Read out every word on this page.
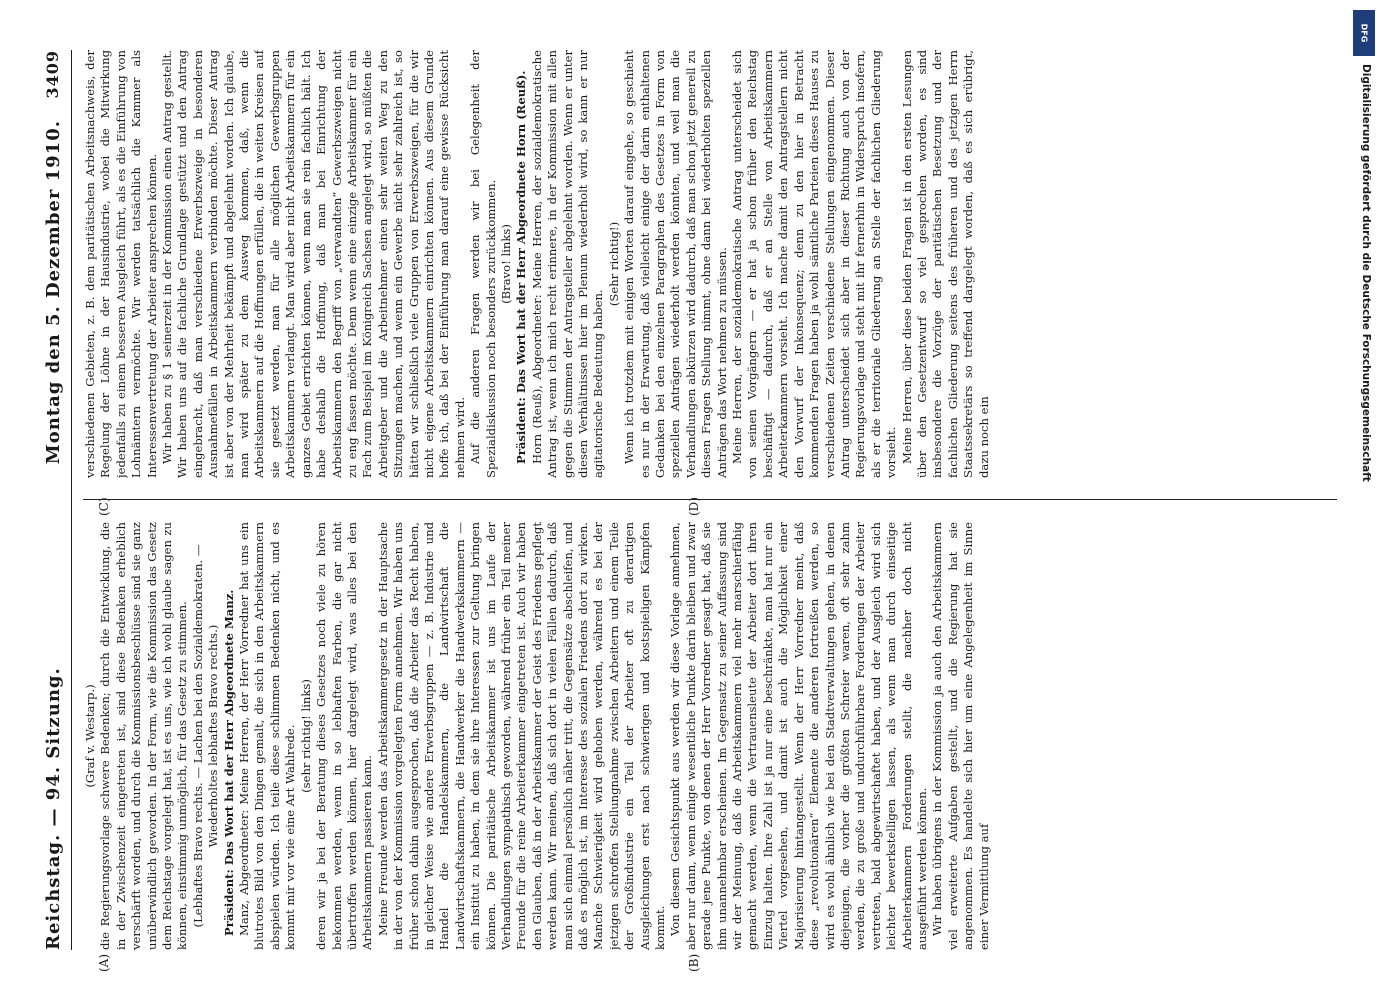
Reichstag. — 94. Sitzung.
3409
Montag den 5. Dezember 1910.
(A)	(B)
(C)	(D)

(Graf v. Westarp.) die Regierungsvorlage schwere Bedenken; durch die Entwicklung, die in der Zwischenzeit eingetreten ist, sind diese Bedenken erheblich verschärft worden, und durch die Kommissionsbeschlüsse sind sie ganz unüberwindlich geworden. In der Form, wie die Kommission das Gesetz dem Reichstage vorgelegt hat, ist es uns, wie ich wohl glaube sagen zu können, einstimmig unmöglich, für das Gesetz zu stimmen. (Lebhaftes Bravo rechts. — Lachen bei den Sozialdemokraten. — Wiederholtes lebhaftes Bravo rechts.) Präsident: Das Wort hat der Herr Abgeordnete Manz. Manz, Abgeordneter: Meine Herren, der Herr Vorredner hat uns ein blutrotes Bild von den Dingen gemalt, die sich in den Arbeitskammern abspielen würden. Ich teile diese schlimmen Bedenken nicht, und es kommt mir vor wie eine Art Wahlrede. (sehr richtig! links) deren wir ja bei der Beratung dieses Gesetzes noch viele zu hören bekommen werden, wenn in so lebhaften Farben, die gar nicht übertroffen werden können, hier dargelegt wird, was alles bei den Arbeitskammern passieren kann. Meine Freunde werden das Arbeitskammergesetz in der Hauptsache in der von der Kommission vorgelegten Form annehmen. Wir haben uns früher schon dahin ausgesprochen, daß die Arbeiter das Recht haben, in gleicher Weise wie andere Erwerbsgruppen — z. B. Industrie und Handel die Handelskammern, die Landwirtschaft die Landwirtschaftskammern, die Handwerker die Handwerkskammern — ein Institut zu haben, in dem sie ihre Interessen zur Geltung bringen können. Die paritätische Arbeitskammer ist uns im Laufe der Verhandlungen sympathisch geworden, während früher ein Teil meiner Freunde für die reine Arbeiterkammer eingetreten ist. Auch wir haben den Glauben, daß in der Arbeitskammer der Geist des Friedens gepflegt werden kann. Wir meinen, daß sich dort in vielen Fällen dadurch, daß man sich einmal persönlich näher tritt, die Gegensätze abschleifen, und daß es möglich ist, im Interesse des sozialen Friedens dort zu wirken. Manche Schwierigkeit wird gehoben werden, während es bei der jetzigen schroffen Stellungnahme zwischen Arbeitern und einem Teile der Großindustrie ein Teil der Arbeiter oft zu derartigen Ausgleichungen erst nach schwierigen und kostspieligen Kämpfen kommt. Von diesem Gesichtspunkt aus werden wir diese Vorlage annehmen, aber nur dann, wenn einige wesentliche Punkte darin bleiben und zwar gerade jene Punkte, von denen der Herr Vorredner gesagt hat, daß sie ihm unannehmbar erscheinen. Im Gegensatz zu seiner Auffassung sind wir der Meinung, daß die Arbeitskammern viel mehr marschierfähig gemacht werden, wenn die Vertrauensleute der Arbeiter dort ihren Einzug halten. Ihre Zahl ist ja nur eine beschränkte, man hat nur ein Viertel vorgesehen, und damit ist auch die Möglichkeit einer Majorisierung hintangestellt. Wenn der Herr Vorredner meint, daß diese „revolutionären“ Elemente die anderen fortreißen werden, so wird es wohl ähnlich wie bei den Stadtverwaltungen gehen, in denen diejenigen, die vorher die größten Schreier waren, oft sehr zahm werden, die zu große und undurchführbare Forderungen der Arbeiter vertreten, bald abgewirtschaftet haben, und der Ausgleich wird sich leichter bewerkstelligen lassen, als wenn man durch einseitige Arbeiterkammern Forderungen stellt, die nachher doch nicht ausgeführt werden können. Wir haben übrigens in der Kommission ja auch den Arbeitskammern viel erweiterte Aufgaben gestellt, und die Regierung hat sie angenommen. Es handelte sich hier um eine Angelegenheit im Sinne einer Vermittlung auf

verschiedenen Gebieten, z. B. dem paritätischen Arbeitsnachweis, der Regelung der Löhne in der Hausindustrie, wobei die Mitwirkung jedenfalls zu einem besseren Ausgleich führt, als es die Einführung von Lohnämtern vermöchte. Wir werden tatsächlich die Kammer als Interessenvertretung der Arbeiter ansprechen können. Wir haben zu § 1 seinerzeit in der Kommission einen Antrag gestellt. Wir haben uns auf die fachliche Grundlage gestützt und den Antrag eingebracht, daß man verschiedene Erwerbszweige in besonderen Ausnahmefällen in Arbeitskammern verbinden möchte. Dieser Antrag ist aber von der Mehrheit bekämpft und abgelehnt worden. Ich glaube, man wird später zu dem Ausweg kommen, daß, wenn die Arbeitskammern auf die Hoffnungen erfüllen, die in weiten Kreisen auf sie gesetzt werden, man für alle möglichen Gewerbsgruppen Arbeitskammern verlangt. Man wird aber nicht Arbeitskammern für ein ganzes Gebiet errichten können, wenn man sie rein fachlich hält. Ich habe deshalb die Hoffnung, daß man bei Einrichtung der Arbeitskammern den Begriff von „verwandten“ Gewerbszweigen nicht zu eng fassen möchte. Denn wenn eine einzige Arbeitskammer für ein Fach zum Beispiel im Königreich Sachsen angelegt wird, so müßten die Arbeitgeber und die Arbeitnehmer einen sehr weiten Weg zu den Sitzungen machen, und wenn ein Gewerbe nicht sehr zahlreich ist, so hätten wir schließlich viele Gruppen von Erwerbszweigen, für die wir nicht eigene Arbeitskammern einrichten können. Aus diesem Grunde hoffe ich, daß bei der Einführung man darauf eine gewisse Rücksicht nehmen wird. Auf die anderen Fragen werden wir bei Gelegenheit der Spezialdiskussion noch besonders zurückkommen. (Bravo! links) Präsident: Das Wort hat der Herr Abgeordnete Horn (Reuß). Horn (Reuß), Abgeordneter: Meine Herren, der sozialdemokratische Antrag ist, wenn ich mich recht erinnere, in der Kommission mit allen gegen die Stimmen der Antragsteller abgelehnt worden. Wenn er unter diesen Verhältnissen hier im Plenum wiederholt wird, so kann er nur agitatorische Bedeutung haben.

(Sehr richtig!) Wenn ich trotzdem mit einigen Worten darauf eingehe, so geschieht es nur in der Erwartung, daß vielleicht einige der darin enthaltenen Gedanken bei den einzelnen Paragraphen des Gesetzes in Form von speziellen Anträgen wiederholt werden könnten, und weil man die Verhandlungen abkürzen wird dadurch, daß man schon jetzt generell zu diesen Fragen Stellung nimmt, ohne dann bei wiederholten speziellen Anträgen das Wort nehmen zu müssen. Meine Herren, der sozialdemokratische Antrag unterscheidet sich von seinen Vorgängern — er hat ja schon früher den Reichstag beschäftigt — dadurch, daß er an Stelle von Arbeitskammern Arbeiterkammern vorsieht. Ich mache damit den Antragstellern nicht den Vorwurf der Inkonsequenz; denn zu den hier in Betracht kommenden Fragen haben ja wohl sämtliche Parteien dieses Hauses zu verschiedenen Zeiten verschiedene Stellungen eingenommen. Dieser Antrag unterscheidet sich aber in dieser Richtung auch von der Regierungsvorlage und steht mit ihr fernerhin in Widerspruch insofern, als er die territoriale Gliederung an Stelle der fachlichen Gliederung vorsieht. Meine Herren, über diese beiden Fragen ist in den ersten Lesungen über den Gesetzentwurf so viel gesprochen worden, es sind insbesondere die Vorzüge der paritätischen Besetzung und der fachlichen Gliederung seitens des früheren und des jetzigen Herrn Staatssekretärs so treffend dargelegt worden, daß es sich erübrigt, dazu noch ein

DFG
Digitalisierung gefördert durch die Deutsche Forschungsgemeinschaft
